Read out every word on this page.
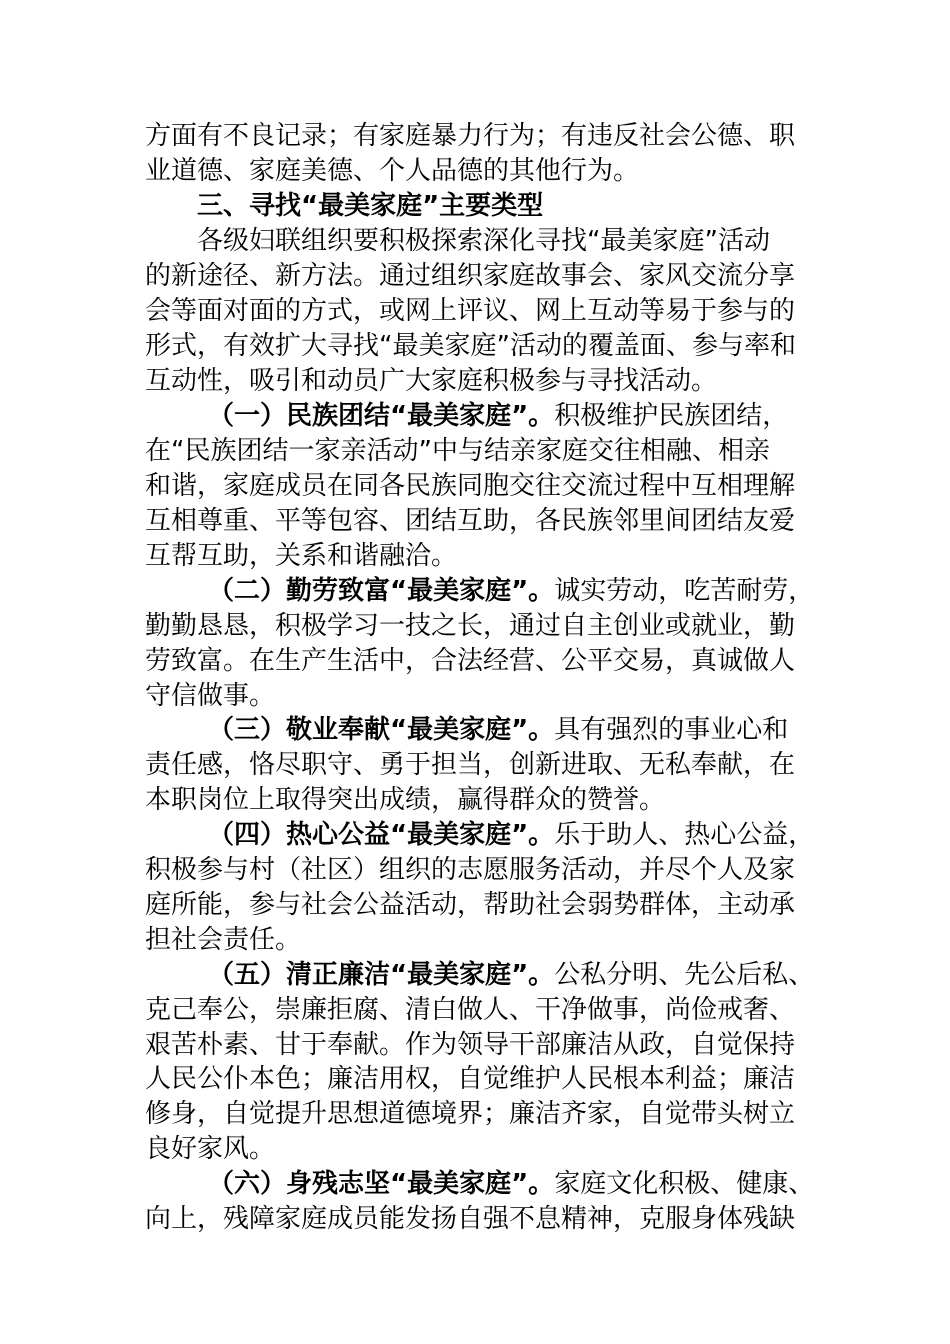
方面有不良记录；有家庭暴力行为；有违反社会公德、职
业道德、家庭美德、个人品德的其他行为。
三、寻找“最美家庭”主要类型
各级妇联组织要积极探索深化寻找“最美家庭”活动
的新途径、新方法。通过组织家庭故事会、家风交流分享
会等面对面的方式，或网上评议、网上互动等易于参与的
形式，有效扩大寻找“最美家庭”活动的覆盖面、参与率和
互动性，吸引和动员广大家庭积极参与寻找活动。
（一）民族团结“最美家庭”。积极维护民族团结，
在“民族团结一家亲活动”中与结亲家庭交往相融、相亲
和谐，家庭成员在同各民族同胞交往交流过程中互相理解
互相尊重、平等包容、团结互助，各民族邻里间团结友爱
互帮互助，关系和谐融洽。
（二）勤劳致富“最美家庭”。诚实劳动，吃苦耐劳，
勤勤恳恳，积极学习一技之长，通过自主创业或就业，勤
劳致富。在生产生活中，合法经营、公平交易，真诚做人
守信做事。
（三）敬业奉献“最美家庭”。具有强烈的事业心和
责任感，恪尽职守、勇于担当，创新进取、无私奉献，在
本职岗位上取得突出成绩，赢得群众的赞誉。
（四）热心公益“最美家庭”。乐于助人、热心公益，
积极参与村（社区）组织的志愿服务活动，并尽个人及家
庭所能，参与社会公益活动，帮助社会弱势群体，主动承
担社会责任。
（五）清正廉洁“最美家庭”。公私分明、先公后私、
克己奉公，崇廉拒腐、清白做人、干净做事，尚俭戒奢、
艰苦朴素、甘于奉献。作为领导干部廉洁从政，自觉保持
人民公仆本色；廉洁用权，自觉维护人民根本利益；廉洁
修身，自觉提升思想道德境界；廉洁齐家，自觉带头树立
良好家风。
（六）身残志坚“最美家庭”。家庭文化积极、健康、
向上，残障家庭成员能发扬自强不息精神，克服身体残缺
